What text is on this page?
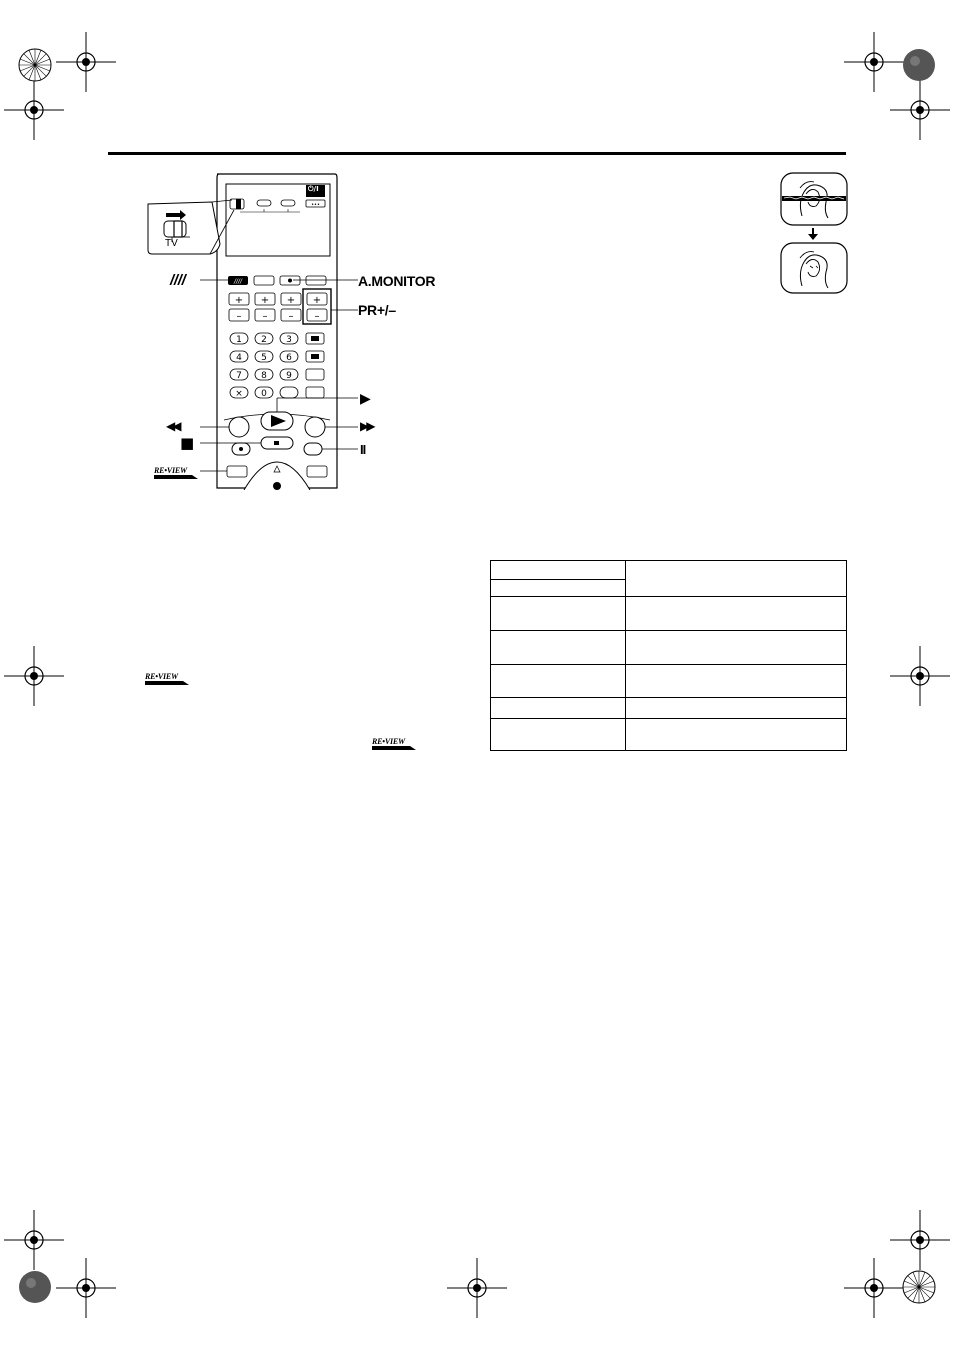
•••
////
+ + + +
– – – –
1 2 3
4 5 6
7 8 9
× 0
⏻/I
TV
////	A.MONITOR
PR+/–
▶
◀◀	▶▶
■	II
RE•VIEW
RE•VIEW
RE•VIEW
